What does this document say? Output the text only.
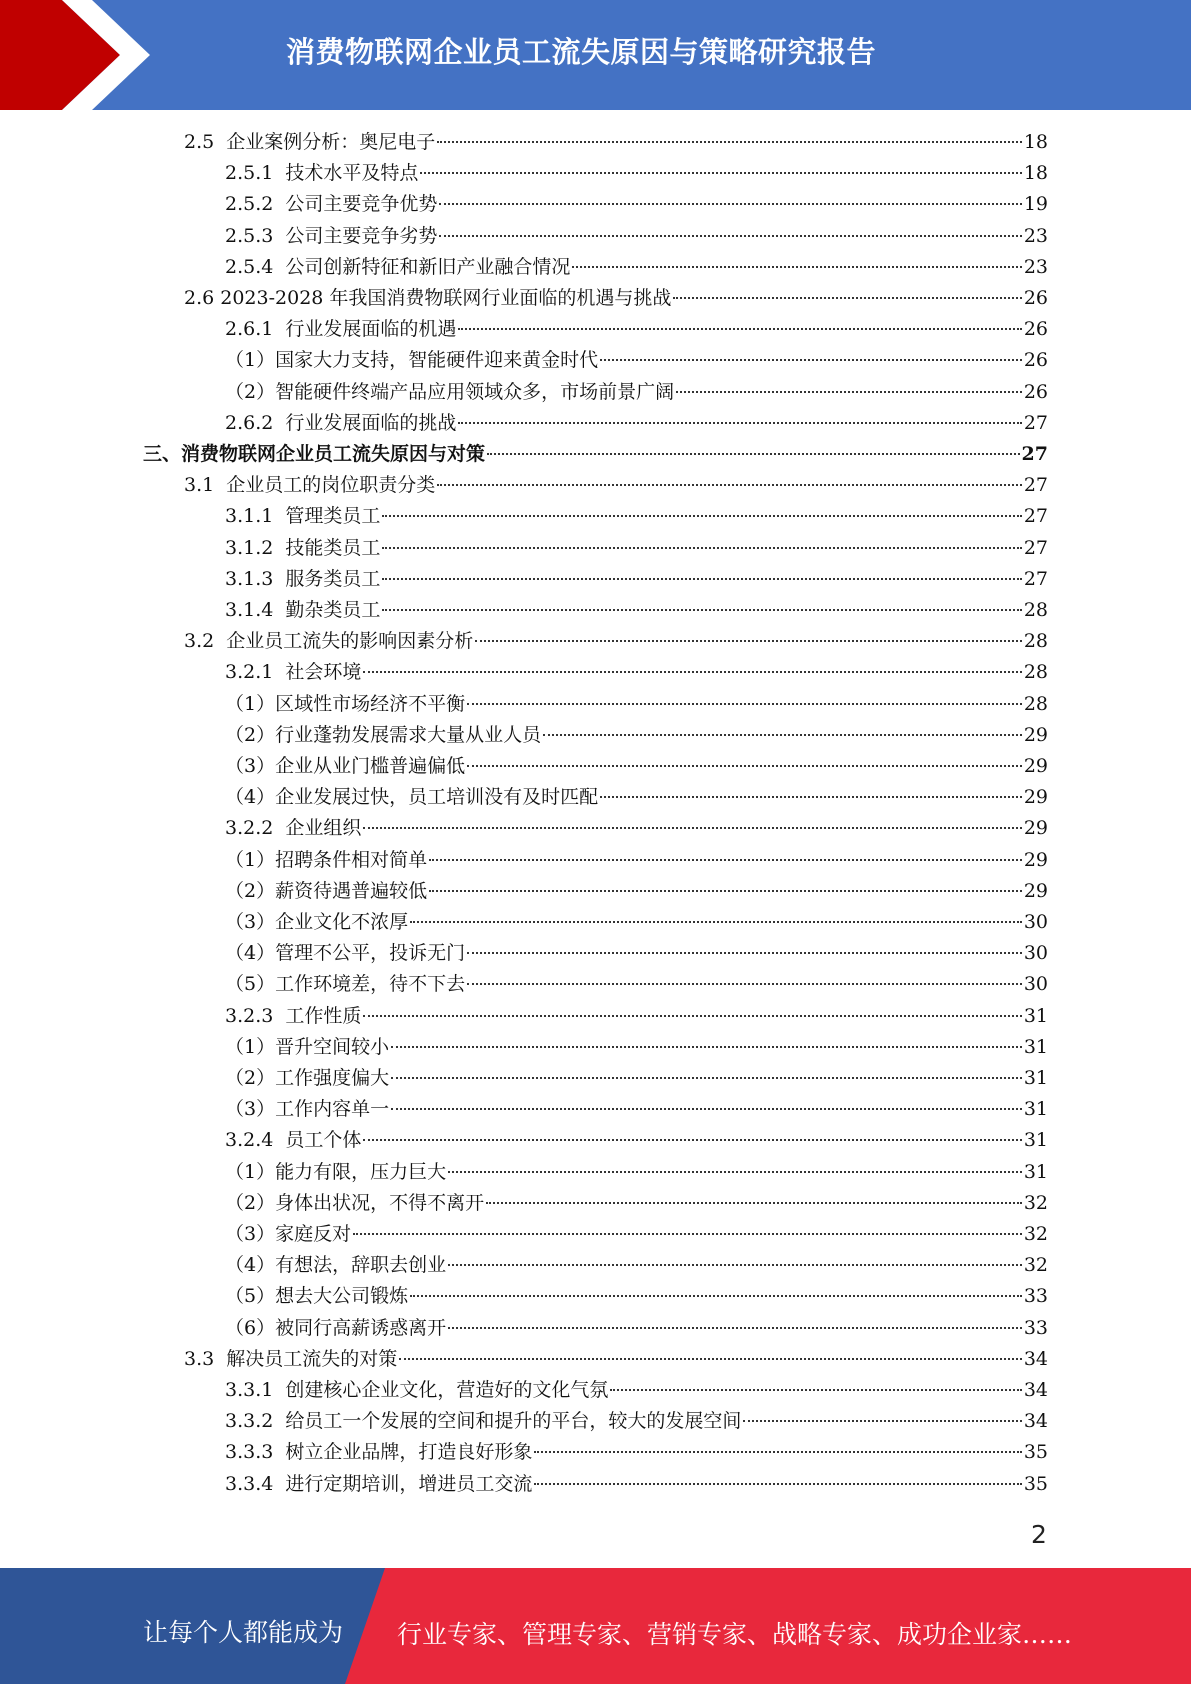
消费物联网企业员工流失原因与策略研究报告
2.5  企业案例分析：奥尼电子	18
2.5.1  技术水平及特点	18
2.5.2  公司主要竞争优势	19
2.5.3  公司主要竞争劣势	23
2.5.4  公司创新特征和新旧产业融合情况	23
2.6 2023-2028 年我国消费物联网行业面临的机遇与挑战	26
2.6.1  行业发展面临的机遇	26
（1）国家大力支持，智能硬件迎来黄金时代	26
（2）智能硬件终端产品应用领域众多，市场前景广阔	26
2.6.2  行业发展面临的挑战	27
三、消费物联网企业员工流失原因与对策	27
3.1  企业员工的岗位职责分类	27
3.1.1  管理类员工	27
3.1.2  技能类员工	27
3.1.3  服务类员工	27
3.1.4  勤杂类员工	28
3.2  企业员工流失的影响因素分析	28
3.2.1  社会环境	28
（1）区域性市场经济不平衡	28
（2）行业蓬勃发展需求大量从业人员	29
（3）企业从业门槛普遍偏低	29
（4）企业发展过快，员工培训没有及时匹配	29
3.2.2  企业组织	29
（1）招聘条件相对简单	29
（2）薪资待遇普遍较低	29
（3）企业文化不浓厚	30
（4）管理不公平，投诉无门	30
（5）工作环境差，待不下去	30
3.2.3  工作性质	31
（1）晋升空间较小	31
（2）工作强度偏大	31
（3）工作内容单一	31
3.2.4  员工个体	31
（1）能力有限，压力巨大	31
（2）身体出状况，不得不离开	32
（3）家庭反对	32
（4）有想法，辞职去创业	32
（5）想去大公司锻炼	33
（6）被同行高薪诱惑离开	33
3.3  解决员工流失的对策	34
3.3.1  创建核心企业文化，营造好的文化气氛	34
3.3.2  给员工一个发展的空间和提升的平台，较大的发展空间	34
3.3.3  树立企业品牌，打造良好形象	35
3.3.4  进行定期培训，增进员工交流	35
2
让每个人都能成为 行业专家、管理专家、营销专家、战略专家、成功企业家……
